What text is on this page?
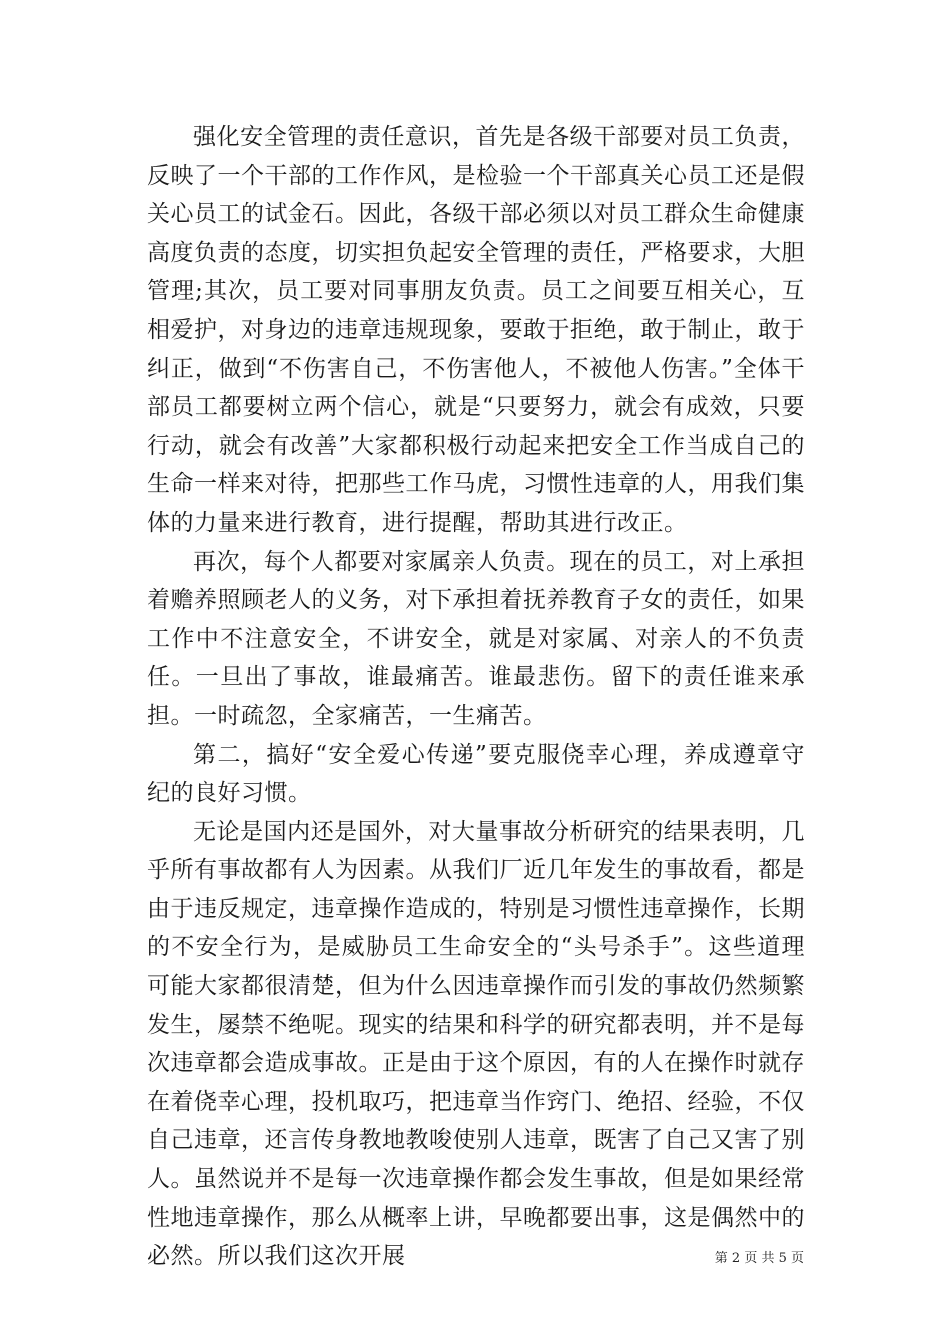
强化安全管理的责任意识，首先是各级干部要对员工负责，反映了一个干部的工作作风，是检验一个干部真关心员工还是假关心员工的试金石。因此，各级干部必须以对员工群众生命健康高度负责的态度，切实担负起安全管理的责任，严格要求，大胆管理;其次，员工要对同事朋友负责。员工之间要互相关心，互相爱护，对身边的违章违规现象，要敢于拒绝，敢于制止，敢于纠正，做到“不伤害自己，不伤害他人，不被他人伤害。”全体干部员工都要树立两个信心，就是“只要努力，就会有成效，只要行动，就会有改善”大家都积极行动起来把安全工作当成自己的生命一样来对待，把那些工作马虎，习惯性违章的人，用我们集体的力量来进行教育，进行提醒，帮助其进行改正。

再次，每个人都要对家属亲人负责。现在的员工，对上承担着赡养照顾老人的义务，对下承担着抚养教育子女的责任，如果工作中不注意安全，不讲安全，就是对家属、对亲人的不负责任。一旦出了事故，谁最痛苦。谁最悲伤。留下的责任谁来承担。一时疏忽，全家痛苦，一生痛苦。

第二，搞好“安全爱心传递”要克服侥幸心理，养成遵章守纪的良好习惯。

无论是国内还是国外，对大量事故分析研究的结果表明，几乎所有事故都有人为因素。从我们厂近几年发生的事故看，都是由于违反规定，违章操作造成的，特别是习惯性违章操作，长期的不安全行为，是威胁员工生命安全的“头号杀手”。这些道理可能大家都很清楚，但为什么因违章操作而引发的事故仍然频繁发生，屡禁不绝呢。现实的结果和科学的研究都表明，并不是每次违章都会造成事故。正是由于这个原因，有的人在操作时就存在着侥幸心理，投机取巧，把违章当作窍门、绝招、经验，不仅自己违章，还言传身教地教唆使别人违章，既害了自己又害了别人。虽然说并不是每一次违章操作都会发生事故，但是如果经常性地违章操作，那么从概率上讲，早晚都要出事，这是偶然中的必然。所以我们这次开展	第 2 页 共 5 页
